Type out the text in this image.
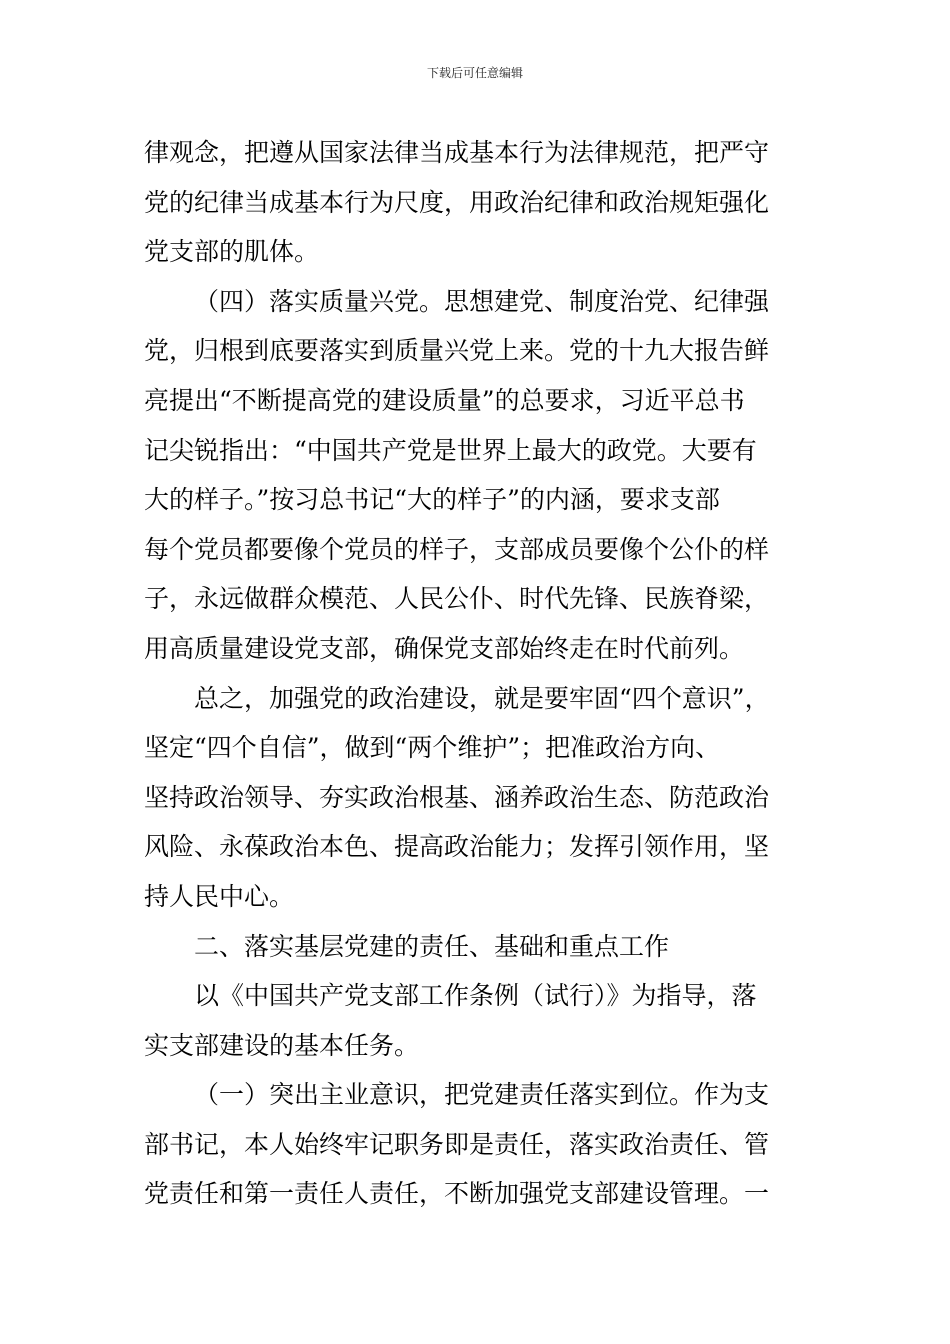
下载后可任意编辑
律观念，把遵从国家法律当成基本行为法律规范，把严守
党的纪律当成基本行为尺度，用政治纪律和政治规矩强化
党支部的肌体。
（四）落实质量兴党。思想建党、制度治党、纪律强
党，归根到底要落实到质量兴党上来。党的十九大报告鲜
亮提出“不断提高党的建设质量”的总要求，习近平总书
记尖锐指出：“中国共产党是世界上最大的政党。大要有
大的样子。”按习总书记“大的样子”的内涵，要求支部
每个党员都要像个党员的样子，支部成员要像个公仆的样
子，永远做群众模范、人民公仆、时代先锋、民族脊梁，
用高质量建设党支部，确保党支部始终走在时代前列。
总之，加强党的政治建设，就是要牢固“四个意识”，
坚定“四个自信”，做到“两个维护”；把准政治方向、
坚持政治领导、夯实政治根基、涵养政治生态、防范政治
风险、永葆政治本色、提高政治能力；发挥引领作用，坚
持人民中心。
二、落实基层党建的责任、基础和重点工作
以《中国共产党支部工作条例（试行）》为指导，落
实支部建设的基本任务。
（一）突出主业意识，把党建责任落实到位。作为支
部书记，本人始终牢记职务即是责任，落实政治责任、管
党责任和第一责任人责任，不断加强党支部建设管理。一
